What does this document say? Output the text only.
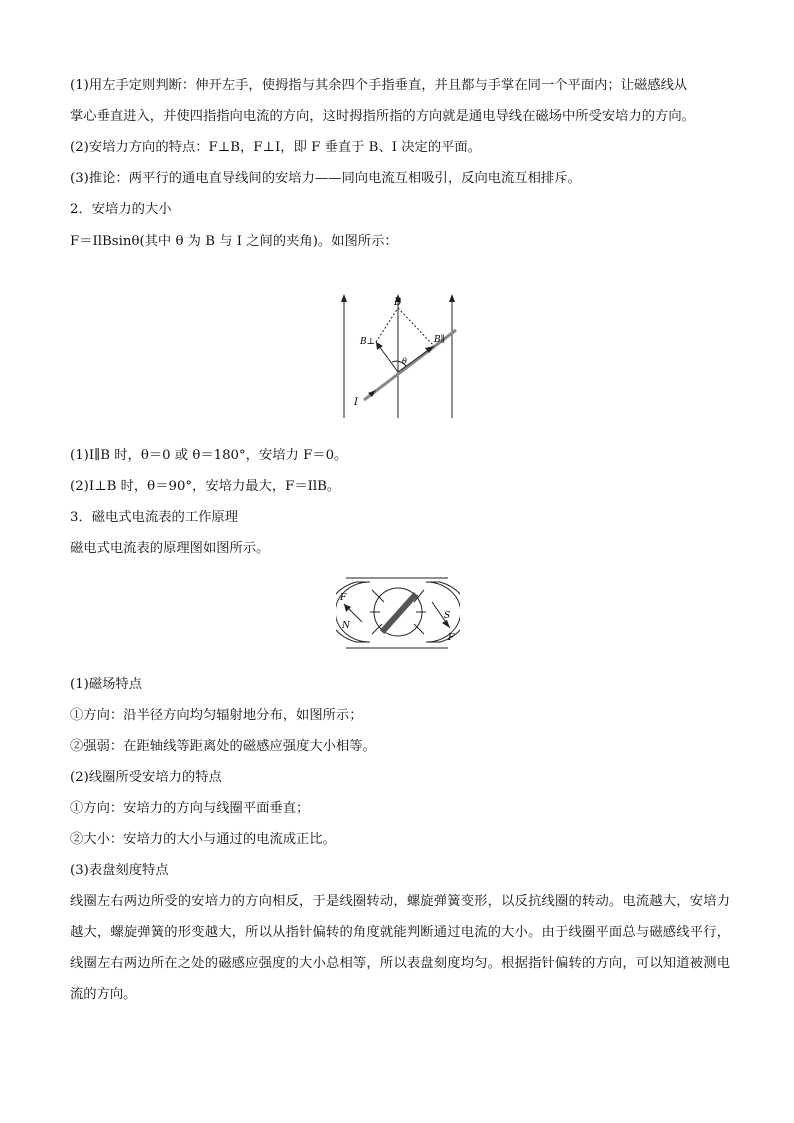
(1)用左手定则判断：伸开左手，使拇指与其余四个手指垂直，并且都与手掌在同一个平面内；让磁感线从
掌心垂直进入，并使四指指向电流的方向，这时拇指所指的方向就是通电导线在磁场中所受安培力的方向。
(2)安培力方向的特点：F⊥B，F⊥I，即 F 垂直于 B、I 决定的平面。
(3)推论：两平行的通电直导线间的安培力——同向电流互相吸引，反向电流互相排斥。
2．安培力的大小
F＝IlBsinθ(其中 θ 为 B 与 I 之间的夹角)。如图所示：
B
B⊥	B∥
θ
I
(1)I∥B 时，θ＝0 或 θ＝180°，安培力 F＝0。
(2)I⊥B 时，θ＝90°，安培力最大，F＝IlB。
3．磁电式电流表的工作原理
磁电式电流表的原理图如图所示。
F
N
S
F
(1)磁场特点
①方向：沿半径方向均匀辐射地分布，如图所示；
②强弱：在距轴线等距离处的磁感应强度大小相等。
(2)线圈所受安培力的特点
①方向：安培力的方向与线圈平面垂直；
②大小：安培力的大小与通过的电流成正比。
(3)表盘刻度特点
线圈左右两边所受的安培力的方向相反，于是线圈转动，螺旋弹簧变形，以反抗线圈的转动。电流越大，安培力越大，螺旋弹簧的形变越大，所以从指针偏转的角度就能判断通过电流的大小。由于线圈平面总与磁感线平行，线圈左右两边所在之处的磁感应强度的大小总相等，所以表盘刻度均匀。根据指针偏转的方向，可以知道被测电流的方向。
